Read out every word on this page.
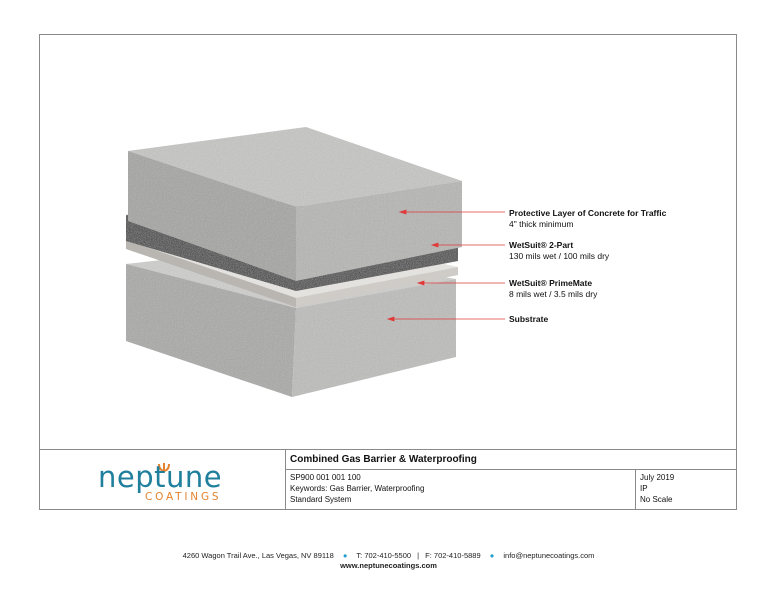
Protective Layer of Concrete for Traffic
4" thick minimum
WetSuit® 2-Part
130 mils wet / 100 mils dry
WetSuit® PrimeMate
8 mils wet / 3.5 mils dry
Substrate
neptune
COATINGS
Combined Gas Barrier & Waterproofing
SP900 001 001 100
Keywords: Gas Barrier, Waterproofing
Standard System
July 2019
IP
No Scale
4260 Wagon Trail Ave., Las Vegas, NV 89118 ● T: 702-410-5500 | F: 702-410-5889 ● info@neptunecoatings.com
www.neptunecoatings.com
